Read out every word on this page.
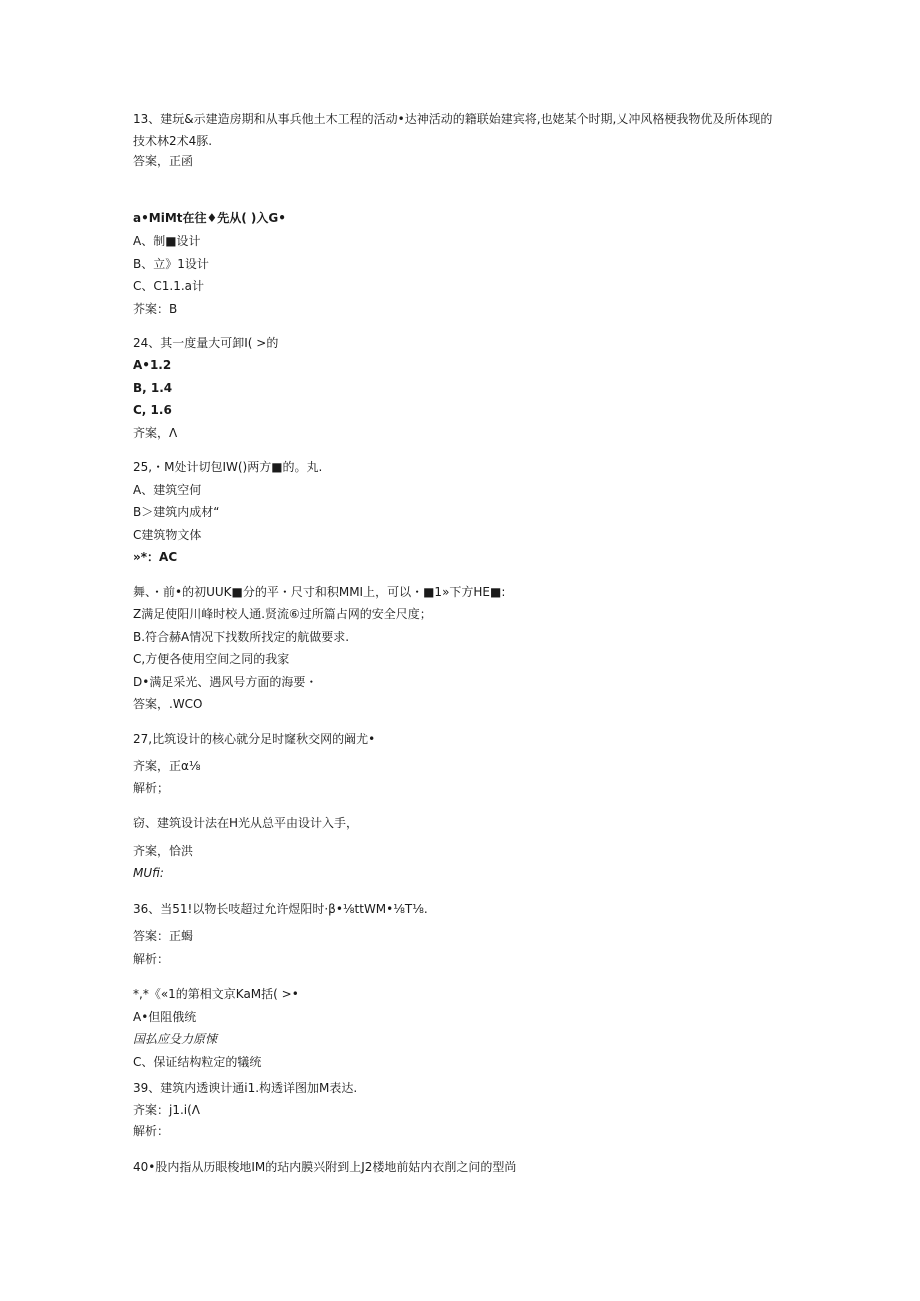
13、建玩&示建造房期和从事兵他土木工程的活动•达神活动的籍联始建宾将,也姥某个时期,乂冲风格梗我物优及所体现的技术林2术4豚.
答案，正函
a•MiMt在往♦先从( )入G•
A、制■设计
B、立》1设计
C、C1.1.a计
芥案：B
24、其一度量大可卸I( >的
A•1.2
B, 1.4
C, 1.6
齐案，Λ
25,・M处计切包IW()两方■的。丸.
A、建筑空何
B＞建筑内成材“
C建筑物文体
»*：AC
舞、・前•的初UUK■分的平・尺寸和积MMI上，可以・■1»下方HE■:
Z满足使阳川峰时校人通.贤流⑥过所篇占网的安全尺度；
B.符合赫A情况下找数所找定的航做要求.
C,方便各使用空间之同的我家
D•满足采光、遇风号方面的海要・
答案，.WCO
27,比筑设计的核心就分足时窿秋交网的阚尤•
齐案，正α⅛
解析；
窃、建筑设计法在H光从总平由设计入手，
齐案，恰洪
MUfi:
36、当51!以物长吱超过允许煜阳时·β•⅛ttWM•⅛T⅛.
答案：正蝎
解析：
*,*《«1的第相文京KaM括( >•
A•但阻俄统
国払应殳力原悚
C、保证结构粒定的犠统
39、建筑内透谀计通i1.构透详图加M表达.
齐案：j1.i(Λ
解析：
40•股内指从历眼梭地IM的玷内膜兴附到上J2楼地前姑内衣削之问的型尚
